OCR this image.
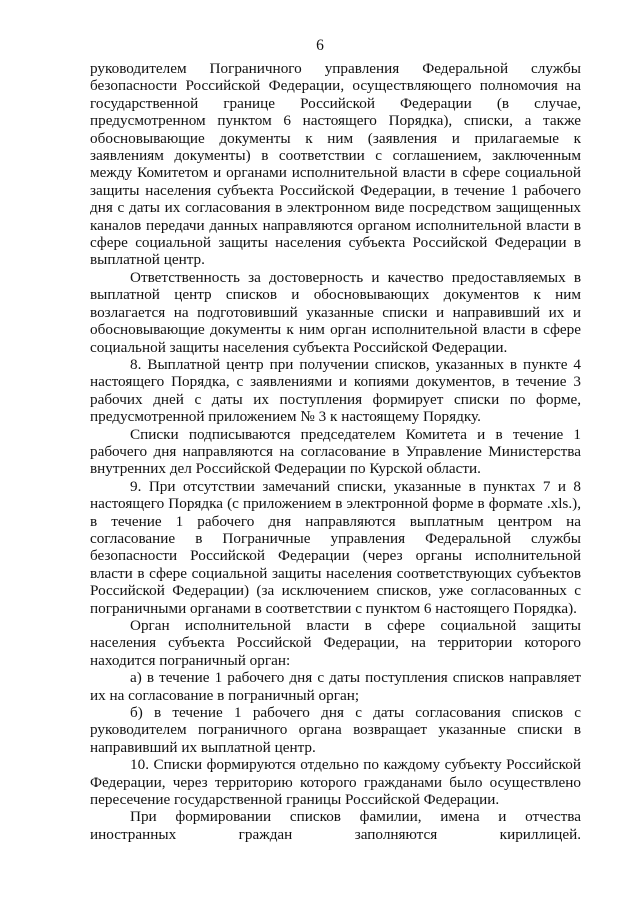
6

руководителем Пограничного управления Федеральной службы безопасности Российской Федерации, осуществляющего полномочия на государственной границе Российской Федерации (в случае, предусмотренном пунктом 6 настоящего Порядка), списки, а также обосновывающие документы к ним (заявления и прилагаемые к заявлениям документы) в соответствии с соглашением, заключенным между Комитетом и органами исполнительной власти в сфере социальной защиты населения субъекта Российской Федерации, в течение 1 рабочего дня с даты их согласования в электронном виде посредством защищенных каналов передачи данных направляются органом исполнительной власти в сфере социальной защиты населения субъекта Российской Федерации в выплатной центр.

Ответственность за достоверность и качество предоставляемых в выплатной центр списков и обосновывающих документов к ним возлагается на подготовивший указанные списки и направивший их и обосновывающие документы к ним орган исполнительной власти в сфере социальной защиты населения субъекта Российской Федерации.

8. Выплатной центр при получении списков, указанных в пункте 4 настоящего Порядка, с заявлениями и копиями документов, в течение 3 рабочих дней с даты их поступления формирует списки по форме, предусмотренной приложением № 3 к настоящему Порядку.

Списки подписываются председателем Комитета и в течение 1 рабочего дня направляются на согласование в Управление Министерства внутренних дел Российской Федерации по Курской области.

9. При отсутствии замечаний списки, указанные в пунктах 7 и 8 настоящего Порядка (с приложением в электронной форме в формате .xls.), в течение 1 рабочего дня направляются выплатным центром на согласование в Пограничные управления Федеральной службы безопасности Российской Федерации (через органы исполнительной власти в сфере социальной защиты населения соответствующих субъектов Российской Федерации) (за исключением списков, уже согласованных с пограничными органами в соответствии с пунктом 6 настоящего Порядка).

Орган исполнительной власти в сфере социальной защиты населения субъекта Российской Федерации, на территории которого находится пограничный орган:

а) в течение 1 рабочего дня с даты поступления списков направляет их на согласование в пограничный орган;

б) в течение 1 рабочего дня с даты согласования списков с руководителем пограничного органа возвращает указанные списки в направивший их выплатной центр.

10. Списки формируются отдельно по каждому субъекту Российской Федерации, через территорию которого гражданами было осуществлено пересечение государственной границы Российской Федерации.

При формировании списков фамилии, имена и отчества иностранных граждан заполняются кириллицей.
